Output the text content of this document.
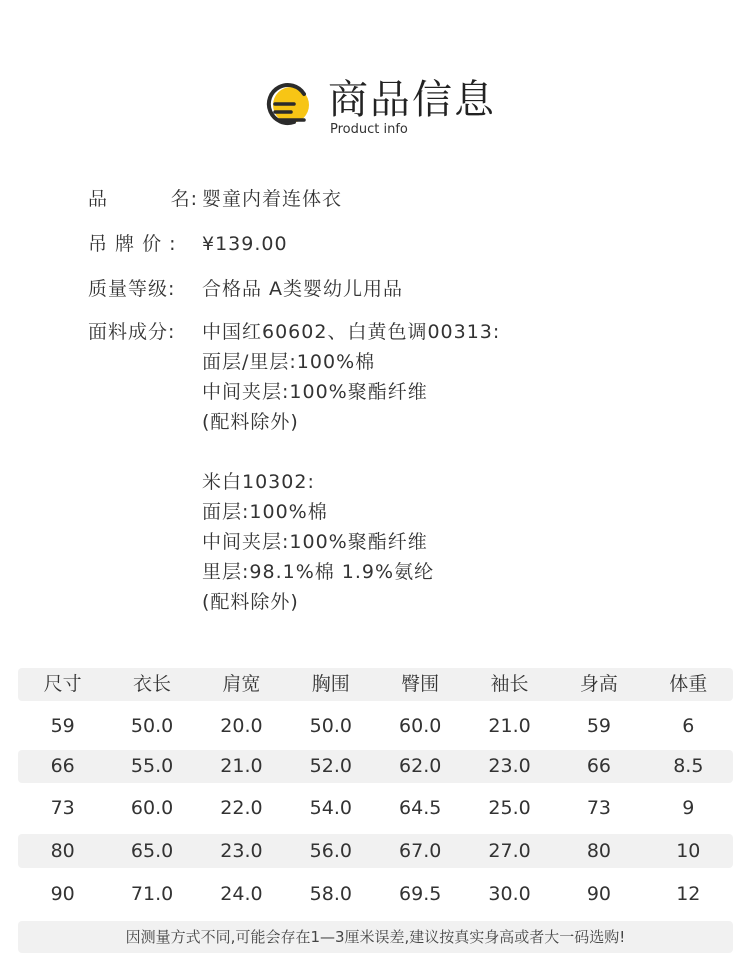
商品信息
Product info
品	名: 婴童内着连体衣
吊 牌 价 :	¥139.00
质量等级:	合格品 A类婴幼儿用品
面料成分:	中国红60602、白黄色调00313:
面层/里层:100%棉
中间夹层:100%聚酯纤维
(配料除外)
米白10302:
面层:100%棉
中间夹层:100%聚酯纤维
里层:98.1%棉 1.9%氨纶
(配料除外)
尺寸	衣长	肩宽	胸围	臀围	袖长	身高	体重
59	50.0	20.0	50.0	60.0	21.0	59	6
66	55.0	21.0	52.0	62.0	23.0	66	8.5
73	60.0	22.0	54.0	64.5	25.0	73	9
80	65.0	23.0	56.0	67.0	27.0	80	10
90	71.0	24.0	58.0	69.5	30.0	90	12
因测量方式不同,可能会存在1—3厘米误差,建议按真实身高或者大一码选购!
